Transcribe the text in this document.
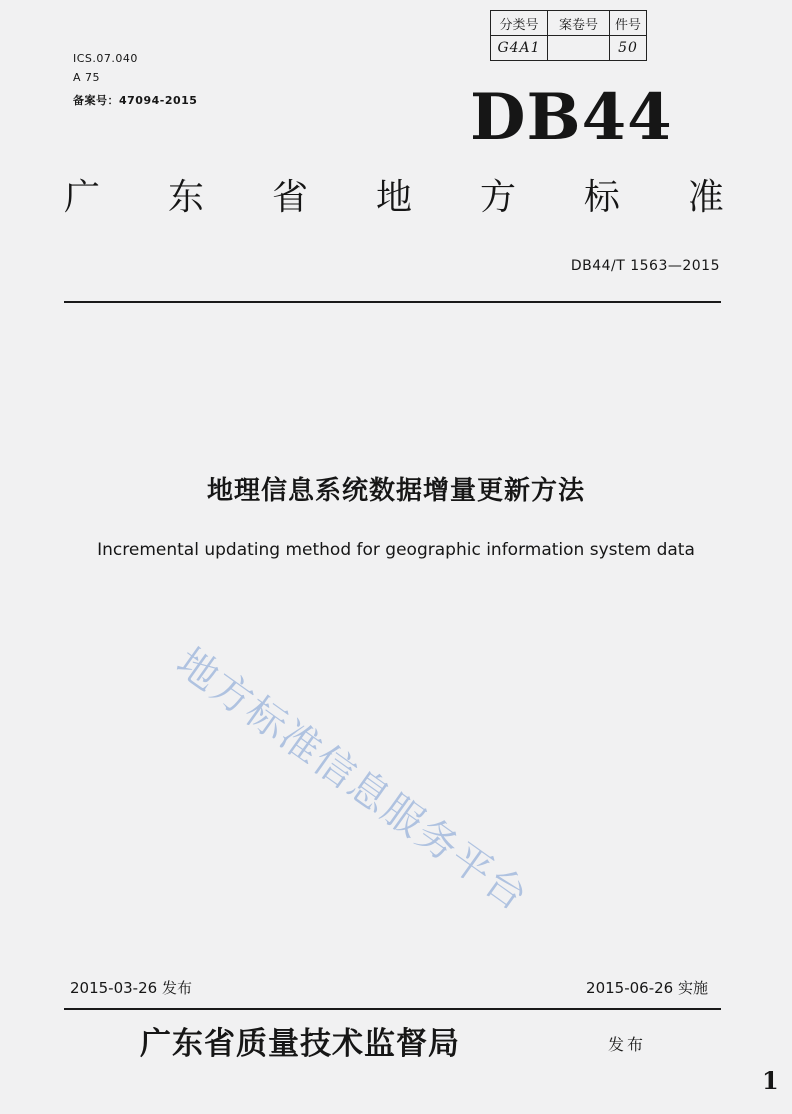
分类号	案卷号	件号
G4A1		50
ICS.07.040
A 75
备案号：47094-2015	DB44
广 东 省 地 方 标 准
DB44/T 1563—2015
地理信息系统数据增量更新方法
Incremental updating method for geographic information system data
地方标准信息服务平台
2015-03-26 发布	2015-06-26 实施
广东省质量技术监督局	发布
1
